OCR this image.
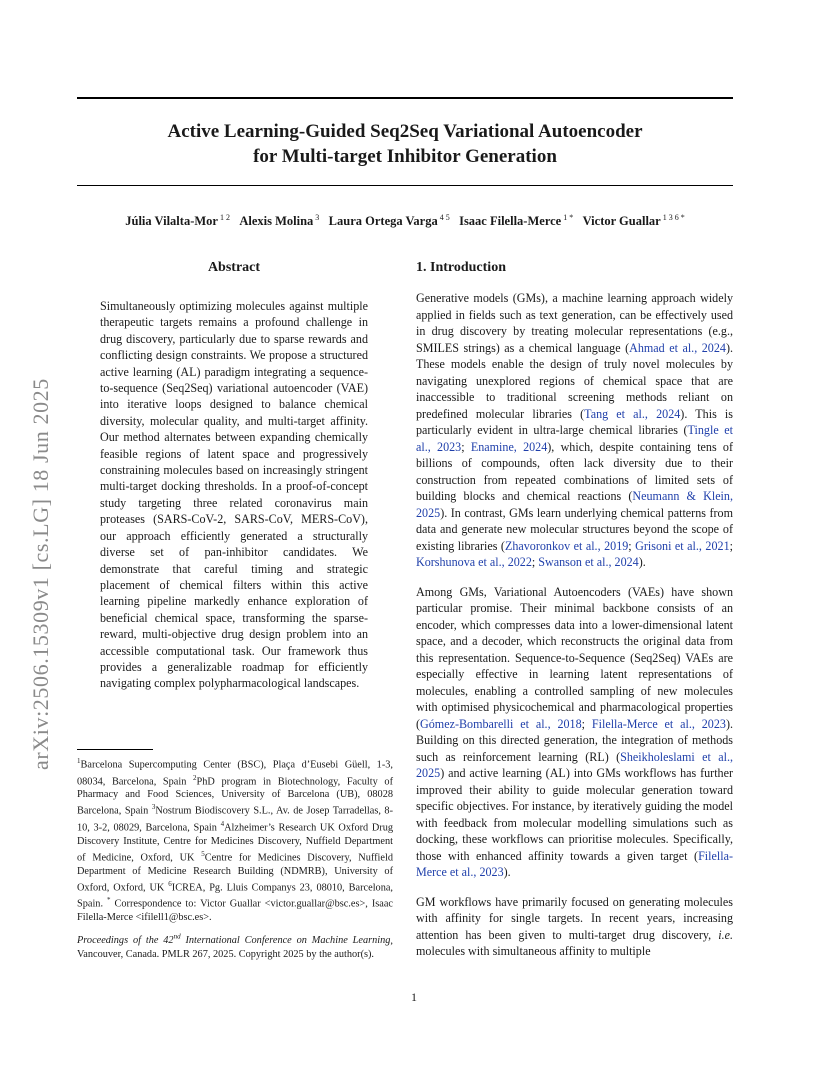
Active Learning-Guided Seq2Seq Variational Autoencoder
for Multi-target Inhibitor Generation
Júlia Vilalta-Mor $^{1 2}$ Alexis Molina $^3$ Laura Ortega Varga $^{4 5}$ Isaac Filella-Merce $^{1 *}$ Victor Guallar $^{1 3 6 *}$
arXiv:2506.15309v1 [cs.LG] 18 Jun 2025
Abstract

Simultaneously optimizing molecules against multiple therapeutic targets remains a profound challenge in drug discovery, particularly due to sparse rewards and conflicting design constraints. We propose a structured active learning (AL) paradigm integrating a sequence-to-sequence (Seq2Seq) variational autoencoder (VAE) into iterative loops designed to balance chemical diversity, molecular quality, and multi-target affinity. Our method alternates between expanding chemically feasible regions of latent space and progressively constraining molecules based on increasingly stringent multi-target docking thresholds. In a proof-of-concept study targeting three related coronavirus main proteases (SARS-CoV-2, SARS-CoV, MERS-CoV), our approach efficiently generated a structurally diverse set of pan-inhibitor candidates. We demonstrate that careful timing and strategic placement of chemical filters within this active learning pipeline markedly enhance exploration of beneficial chemical space, transforming the sparse-reward, multi-objective drug design problem into an accessible computational task. Our framework thus provides a generalizable roadmap for efficiently navigating complex polypharmacological landscapes.

$^1$Barcelona Supercomputing Center (BSC), Plaça d’Eusebi Güell, 1-3, 08034, Barcelona, Spain $^2$PhD program in Biotechnology, Faculty of Pharmacy and Food Sciences, University of Barcelona (UB), 08028 Barcelona, Spain $^3$Nostrum Biodiscovery S.L., Av. de Josep Tarradellas, 8-10, 3-2, 08029, Barcelona, Spain $^4$Alzheimer’s Research UK Oxford Drug Discovery Institute, Centre for Medicines Discovery, Nuffield Department of Medicine, Oxford, UK $^5$Centre for Medicines Discovery, Nuffield Department of Medicine Research Building (NDMRB), University of Oxford, Oxford, UK $^6$ICREA, Pg. Lluis Companys 23, 08010, Barcelona, Spain. * Correspondence to: Victor Guallar <victor.guallar@bsc.es>, Isaac Filella-Merce <ifilell1@bsc.es>.

Proceedings of the 42nd International Conference on Machine Learning, Vancouver, Canada. PMLR 267, 2025. Copyright 2025 by the author(s).

1. Introduction

Generative models (GMs), a machine learning approach widely applied in fields such as text generation, can be effectively used in drug discovery by treating molecular representations (e.g., SMILES strings) as a chemical language (Ahmad et al., 2024). These models enable the design of truly novel molecules by navigating unexplored regions of chemical space that are inaccessible to traditional screening methods reliant on predefined molecular libraries (Tang et al., 2024). This is particularly evident in ultra-large chemical libraries (Tingle et al., 2023; Enamine, 2024), which, despite containing tens of billions of compounds, often lack diversity due to their construction from repeated combinations of limited sets of building blocks and chemical reactions (Neumann & Klein, 2025). In contrast, GMs learn underlying chemical patterns from data and generate new molecular structures beyond the scope of existing libraries (Zhavoronkov et al., 2019; Grisoni et al., 2021; Korshunova et al., 2022; Swanson et al., 2024).

Among GMs, Variational Autoencoders (VAEs) have shown particular promise. Their minimal backbone consists of an encoder, which compresses data into a lower-dimensional latent space, and a decoder, which reconstructs the original data from this representation. Sequence-to-Sequence (Seq2Seq) VAEs are especially effective in learning latent representations of molecules, enabling a controlled sampling of new molecules with optimised physicochemical and pharmacological properties (Gómez-Bombarelli et al., 2018; Filella-Merce et al., 2023). Building on this directed generation, the integration of methods such as reinforcement learning (RL) (Sheikholeslami et al., 2025) and active learning (AL) into GMs workflows has further improved their ability to guide molecular generation toward specific objectives. For instance, by iteratively guiding the model with feedback from molecular modelling simulations such as docking, these workflows can prioritise molecules. Specifically, those with enhanced affinity towards a given target (Filella-Merce et al., 2023).

GM workflows have primarily focused on generating molecules with affinity for single targets. In recent years, increasing attention has been given to multi-target drug discovery, i.e. molecules with simultaneous affinity to multiple

1
